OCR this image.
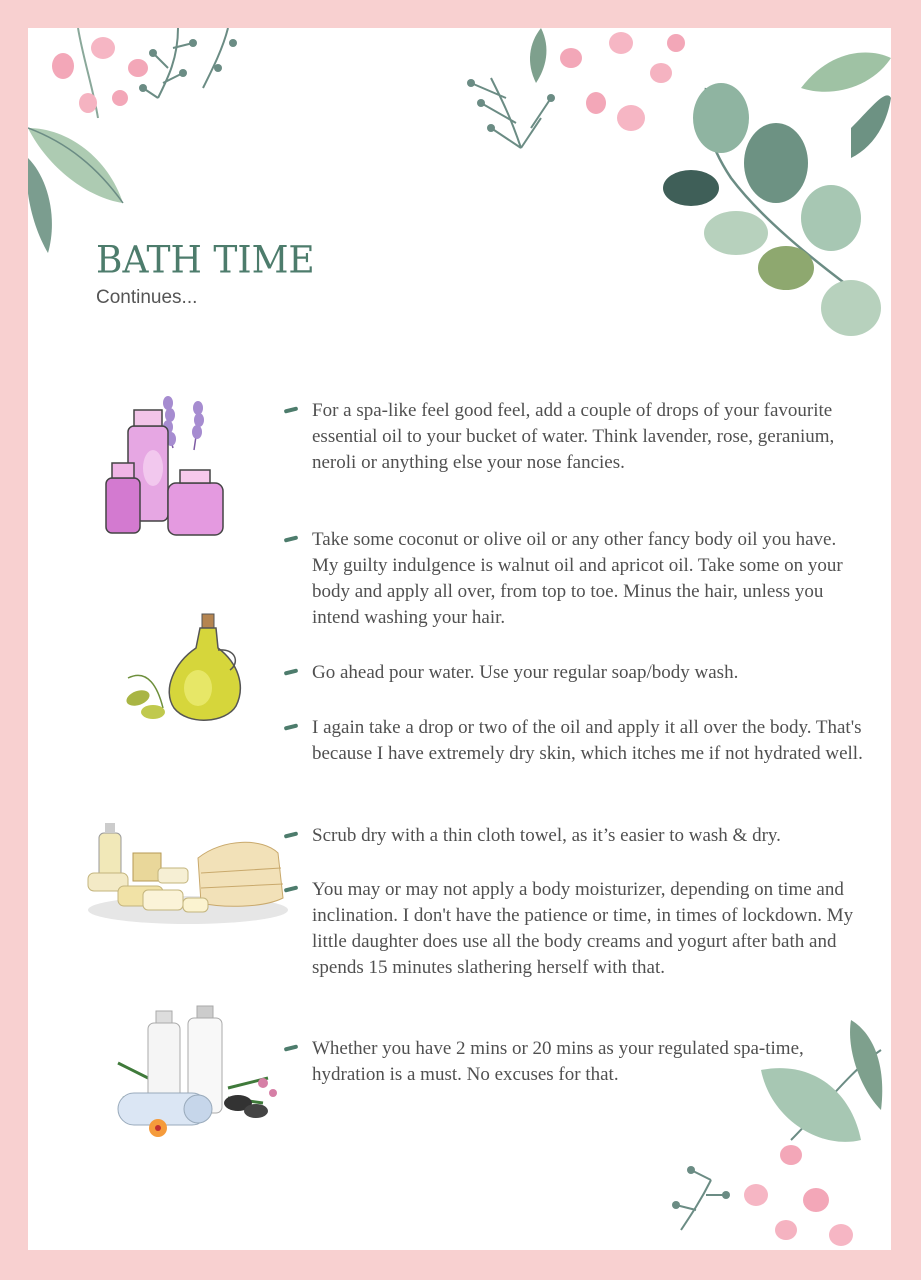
BATH TIME
Continues...
For a spa-like feel good feel, add a couple of drops of your favourite essential oil to your bucket of water. Think lavender, rose, geranium, neroli or anything else your nose fancies.
Take some coconut or olive oil or any other fancy body oil you have. My guilty indulgence is walnut oil and apricot oil. Take some on your body and apply all over, from top to toe. Minus the hair, unless you intend washing your hair.
Go ahead pour water. Use your regular soap/body wash.
I again take a drop or two of the oil and apply it all over the body. That's because I have extremely dry skin, which itches me if not hydrated well.
Scrub dry with a thin cloth towel, as it’s easier to wash & dry.
You may or may not apply a body moisturizer, depending on time and inclination. I don't have the patience or time, in times of lockdown. My little daughter does use all the body creams and yogurt after bath and spends 15 minutes slathering herself with that.
Whether you have 2 mins or 20 mins as your regulated spa-time, hydration is a must. No excuses for that.
